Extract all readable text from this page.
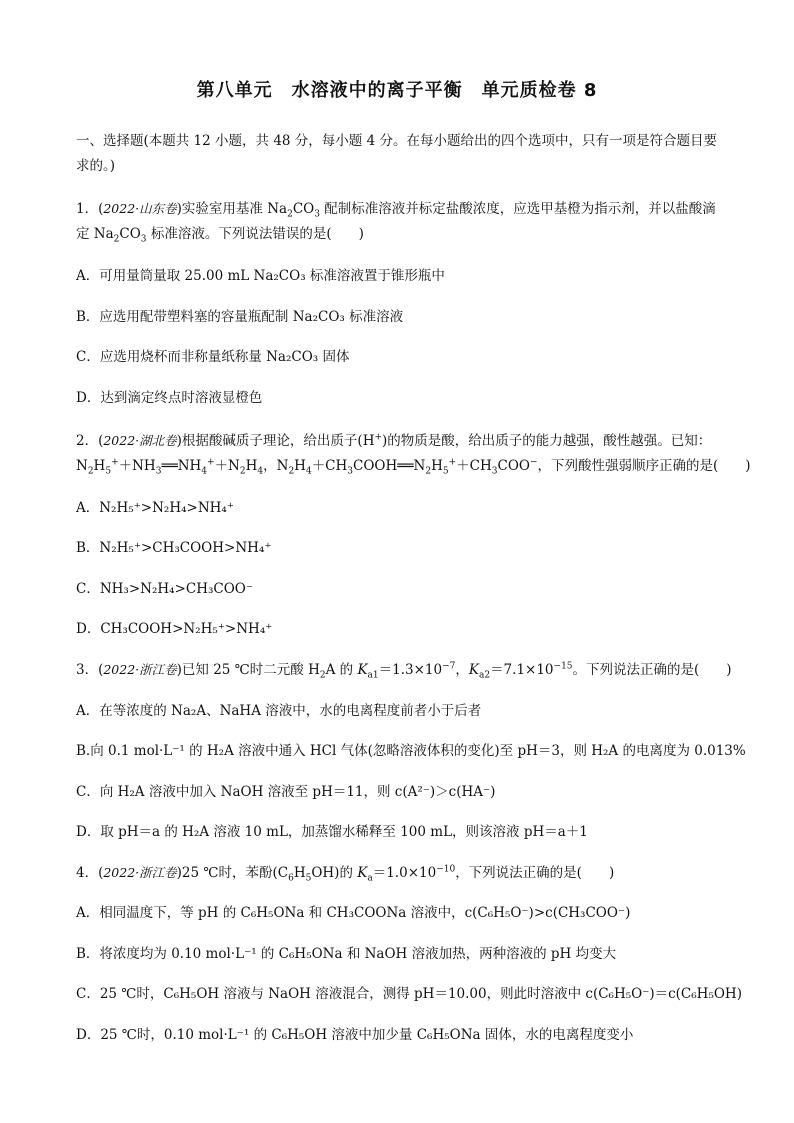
第八单元　水溶液中的离子平衡　单元质检卷 8
一、选择题(本题共 12 小题，共 48 分，每小题 4 分。在每小题给出的四个选项中，只有一项是符合题目要
求的。)
1．(2022·山东卷)实验室用基准 $Na_2CO_3$ 配制标准溶液并标定盐酸浓度，应选甲基橙为指示剂，并以盐酸滴
定 $Na_2CO_3$ 标准溶液。下列说法错误的是(　　)
A．可用量筒量取 25.00 mL Na₂CO₃ 标准溶液置于锥形瓶中
B．应选用配带塑料塞的容量瓶配制 Na₂CO₃ 标准溶液
C．应选用烧杯而非称量纸称量 Na₂CO₃ 固体
D．达到滴定终点时溶液显橙色
2．(2022·湖北卷)根据酸碱质子理论，给出质子(H+)的物质是酸，给出质子的能力越强，酸性越强。已知：
$N_2H_5^++NH_3══NH_4^++N_2H_4$，$N_2H_4+CH_3COOH══N_2H_5^++CH_3COO^-$，下列酸性强弱顺序正确的是(　　)
A．N₂H₅⁺>N₂H₄>NH₄⁺
B．N₂H₅⁺>CH₃COOH>NH₄⁺
C．NH₃>N₂H₄>CH₃COO⁻
D．CH₃COOH>N₂H₅⁺>NH₄⁺
3．(2022·浙江卷)已知 25 ℃时二元酸 $H_2A$ 的 $K_{a1}=1.3\times 10^{-7}$，$K_{a2}=7.1\times 10^{-15}$。下列说法正确的是(　　)
A．在等浓度的 Na₂A、NaHA 溶液中，水的电离程度前者小于后者
B.向 0.1 mol·L⁻¹ 的 H₂A 溶液中通入 HCl 气体(忽略溶液体积的变化)至 pH＝3，则 H₂A 的电离度为 0.013%
C．向 H₂A 溶液中加入 NaOH 溶液至 pH＝11，则 c(A²⁻)＞c(HA⁻)
D．取 pH＝a 的 H₂A 溶液 10 mL，加蒸馏水稀释至 100 mL，则该溶液 pH＝a＋1
4．(2022·浙江卷)25 ℃时，苯酚$(C_6H_5OH)$的 $K_a=1.0\times 10^{-10}$，下列说法正确的是(　　)
A．相同温度下，等 pH 的 C₆H₅ONa 和 CH₃COONa 溶液中，c(C₆H₅O⁻)>c(CH₃COO⁻)
B．将浓度均为 0.10 mol·L⁻¹ 的 C₆H₅ONa 和 NaOH 溶液加热，两种溶液的 pH 均变大
C．25 ℃时，C₆H₅OH 溶液与 NaOH 溶液混合，测得 pH＝10.00，则此时溶液中 c(C₆H₅O⁻)＝c(C₆H₅OH)
D．25 ℃时，0.10 mol·L⁻¹ 的 C₆H₅OH 溶液中加少量 C₆H₅ONa 固体，水的电离程度变小
